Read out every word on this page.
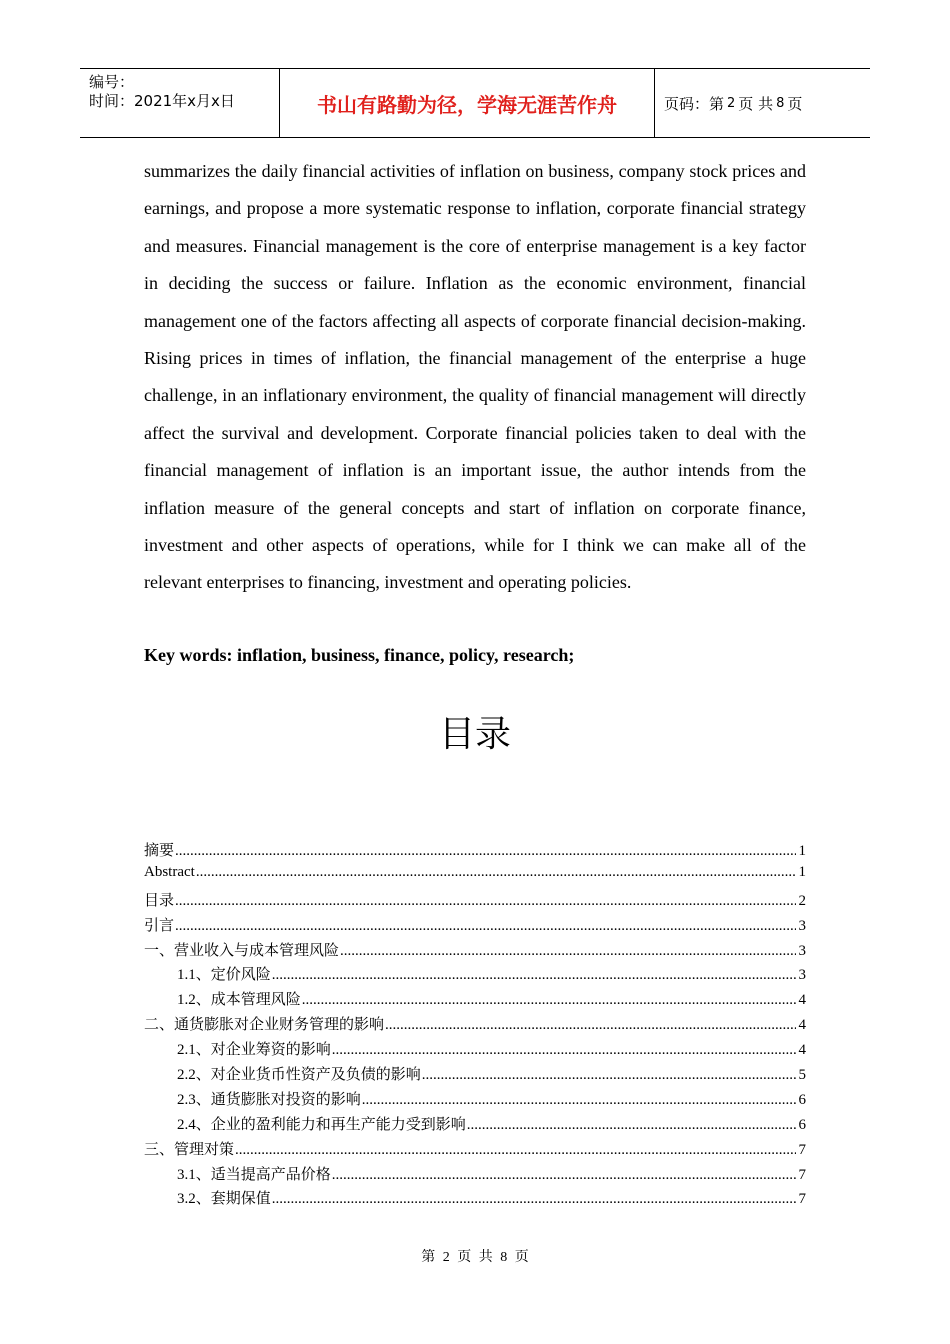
编号：
时间：2021年x月x日	书山有路勤为径，学海无涯苦作舟	页码：第 2 页 共 8 页
summarizes the daily financial activities of inflation on business, company stock prices and earnings, and propose a more systematic response to inflation, corporate financial strategy and measures. Financial management is the core of enterprise management is a key factor in deciding the success or failure. Inflation as the economic environment, financial management one of the factors affecting all aspects of corporate financial decision-making. Rising prices in times of inflation, the financial management of the enterprise a huge challenge, in an inflationary environment, the quality of financial management will directly affect the survival and development. Corporate financial policies taken to deal with the financial management of inflation is an important issue, the author intends from the inflation measure of the general concepts and start of inflation on corporate finance, investment and other aspects of operations, while for I think we can make all of the relevant enterprises to financing, investment and operating policies.
Key words: inflation, business, finance, policy, research;
目录
摘要 .....	1
Abstract .....	1
目录 .....	2
引言 .....	3
一、营业收入与成本管理风险 .....	3
1.1、定价风险 .....	3
1.2、成本管理风险 .....	4
二、通货膨胀对企业财务管理的影响 .....	4
2.1、对企业筹资的影响 .....	4
2.2、对企业货币性资产及负债的影响 .....	5
2.3、通货膨胀对投资的影响 .....	6
2.4、企业的盈利能力和再生产能力受到影响 .....	6
三、管理对策 .....	7
3.1、适当提高产品价格 .....	7
3.2、套期保值 .....	7
第 2 页 共 8 页
